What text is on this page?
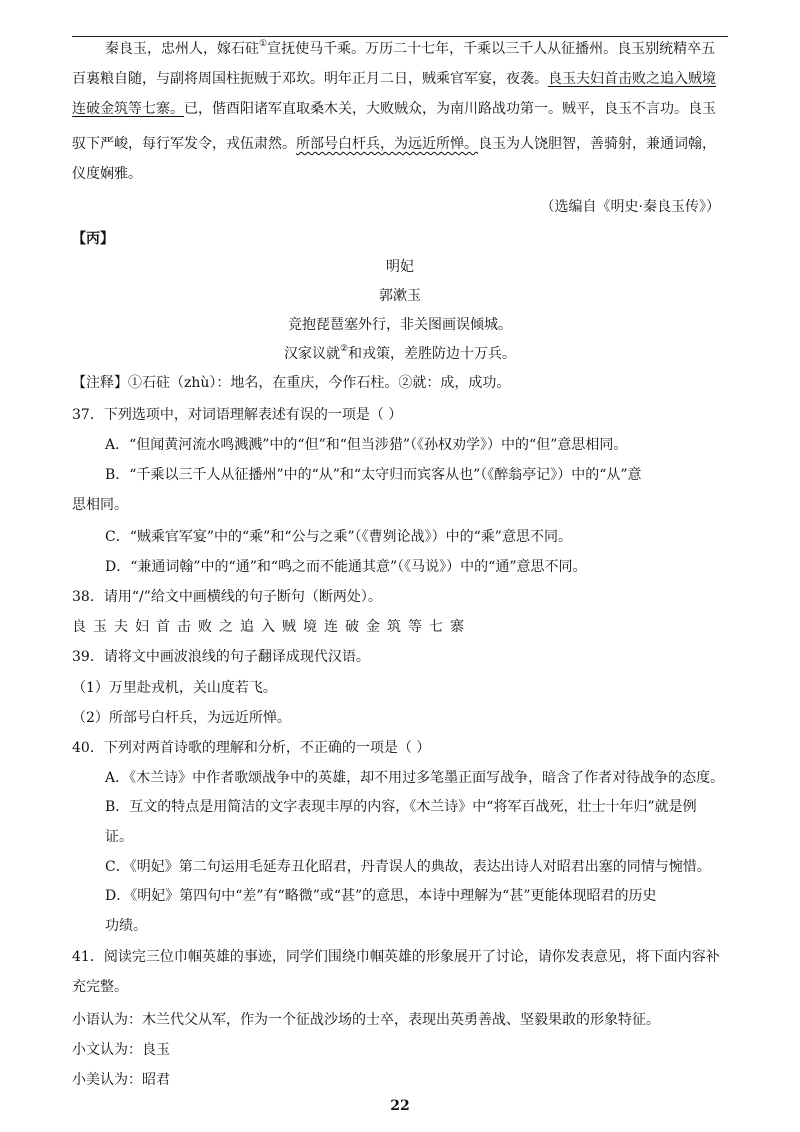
秦良玉，忠州人，嫁石砫①宣抚使马千乘。万历二十七年，千乘以三千人从征播州。良玉别统精卒五
百裏粮自随，与副将周国柱扼贼于邓坎。明年正月二日，贼乘官军宴，夜袭。良玉夫妇首击败之追入贼境
连破金筑等七寨。已，偕酉阳诸军直取桑木关，大败贼众，为南川路战功第一。贼平，良玉不言功。良玉
驭下严峻，每行军发令，戎伍肃然。所部号白杆兵，为远近所惮。良玉为人饶胆智，善骑射，兼通词翰，
仪度娴雅。
（选编自《明史·秦良玉传》）
【丙】
明妃
郭漱玉
竞抱琵琶塞外行，非关图画误倾城。
汉家议就②和戎策，差胜防边十万兵。
【注释】①石砫（zhù）：地名，在重庆，今作石柱。②就：成，成功。
37．下列选项中，对词语理解表述有误的一项是（ ）
A．“但闻黄河流水鸣溅溅”中的“但”和“但当涉猎”（《孙权劝学》）中的“但”意思相同。
B．“千乘以三千人从征播州”中的“从”和“太守归而宾客从也”（《醉翁亭记》）中的“从”意
思相同。
C．“贼乘官军宴”中的“乘”和“公与之乘”（《曹刿论战》）中的“乘”意思不同。
D．“兼通词翰”中的“通”和“鸣之而不能通其意”（《马说》）中的“通”意思不同。
38．请用“/”给文中画横线的句子断句（断两处）。
良玉夫妇首击败之追入贼境连破金筑等七寨
39．请将文中画波浪线的句子翻译成现代汉语。
（1）万里赴戎机，关山度若飞。
（2）所部号白杆兵，为远近所惮。
40．下列对两首诗歌的理解和分析，不正确的一项是（ ）
A．《木兰诗》中作者歌颂战争中的英雄，却不用过多笔墨正面写战争，暗含了作者对待战争的态度。
B．互文的特点是用简洁的文字表现丰厚的内容，《木兰诗》中“将军百战死，壮士十年归”就是例
证。
C．《明妃》第二句运用毛延寿丑化昭君，丹青误人的典故，表达出诗人对昭君出塞的同情与惋惜。
D．《明妃》第四句中“差”有“略微”或“甚”的意思，本诗中理解为“甚”更能体现昭君的历史
功绩。
41．阅读完三位巾帼英雄的事迹，同学们围绕巾帼英雄的形象展开了讨论，请你发表意见，将下面内容补
充完整。
小语认为：木兰代父从军，作为一个征战沙场的士卒，表现出英勇善战、坚毅果敢的形象特征。
小文认为：良玉
小美认为：昭君
22
